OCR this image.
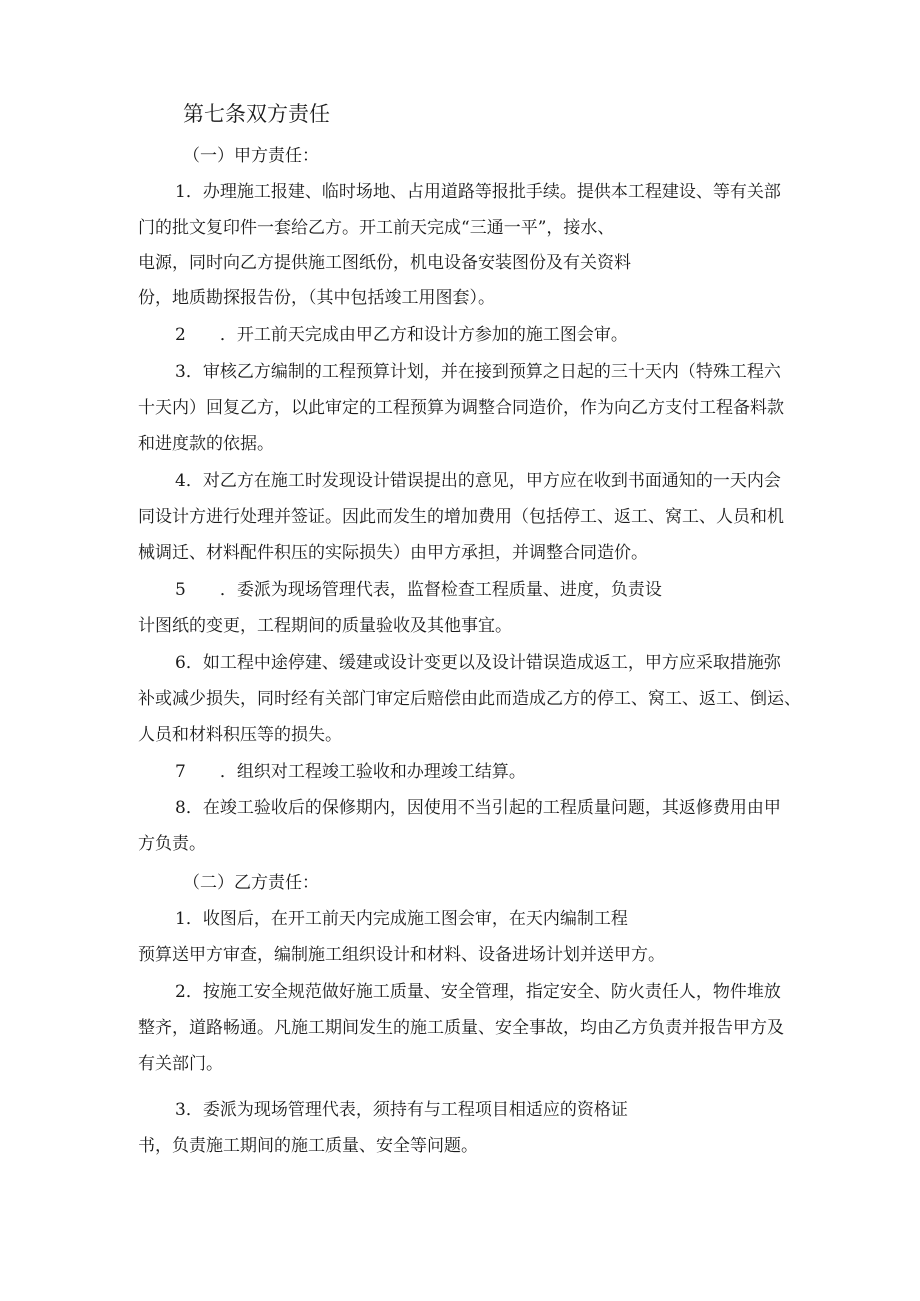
第七条双方责任
（一）甲方责任：
1．办理施工报建、临时场地、占用道路等报批手续。提供本工程建设、等有关部
门的批文复印件一套给乙方。开工前天完成“三通一平”，接水、
电源，同时向乙方提供施工图纸份，机电设备安装图份及有关资料
份，地质勘探报告份，（其中包括竣工用图套）。
2　　．开工前天完成由甲乙方和设计方参加的施工图会审。
3．审核乙方编制的工程预算计划，并在接到预算之日起的三十天内（特殊工程六
十天内）回复乙方，以此审定的工程预算为调整合同造价，作为向乙方支付工程备料款
和进度款的依据。
4．对乙方在施工时发现设计错误提出的意见，甲方应在收到书面通知的一天内会
同设计方进行处理并签证。因此而发生的增加费用（包括停工、返工、窝工、人员和机
械调迁、材料配件积压的实际损失）由甲方承担，并调整合同造价。
5　　．委派为现场管理代表，监督检查工程质量、进度，负责设
计图纸的变更，工程期间的质量验收及其他事宜。
6．如工程中途停建、缓建或设计变更以及设计错误造成返工，甲方应采取措施弥
补或减少损失，同时经有关部门审定后赔偿由此而造成乙方的停工、窝工、返工、倒运、
人员和材料积压等的损失。
7　　．组织对工程竣工验收和办理竣工结算。
8．在竣工验收后的保修期内，因使用不当引起的工程质量问题，其返修费用由甲
方负责。
（二）乙方责任：
1．收图后，在开工前天内完成施工图会审，在天内编制工程
预算送甲方审查，编制施工组织设计和材料、设备进场计划并送甲方。
2．按施工安全规范做好施工质量、安全管理，指定安全、防火责任人，物件堆放
整齐，道路畅通。凡施工期间发生的施工质量、安全事故，均由乙方负责并报告甲方及
有关部门。
3．委派为现场管理代表，须持有与工程项目相适应的资格证
书，负责施工期间的施工质量、安全等问题。
